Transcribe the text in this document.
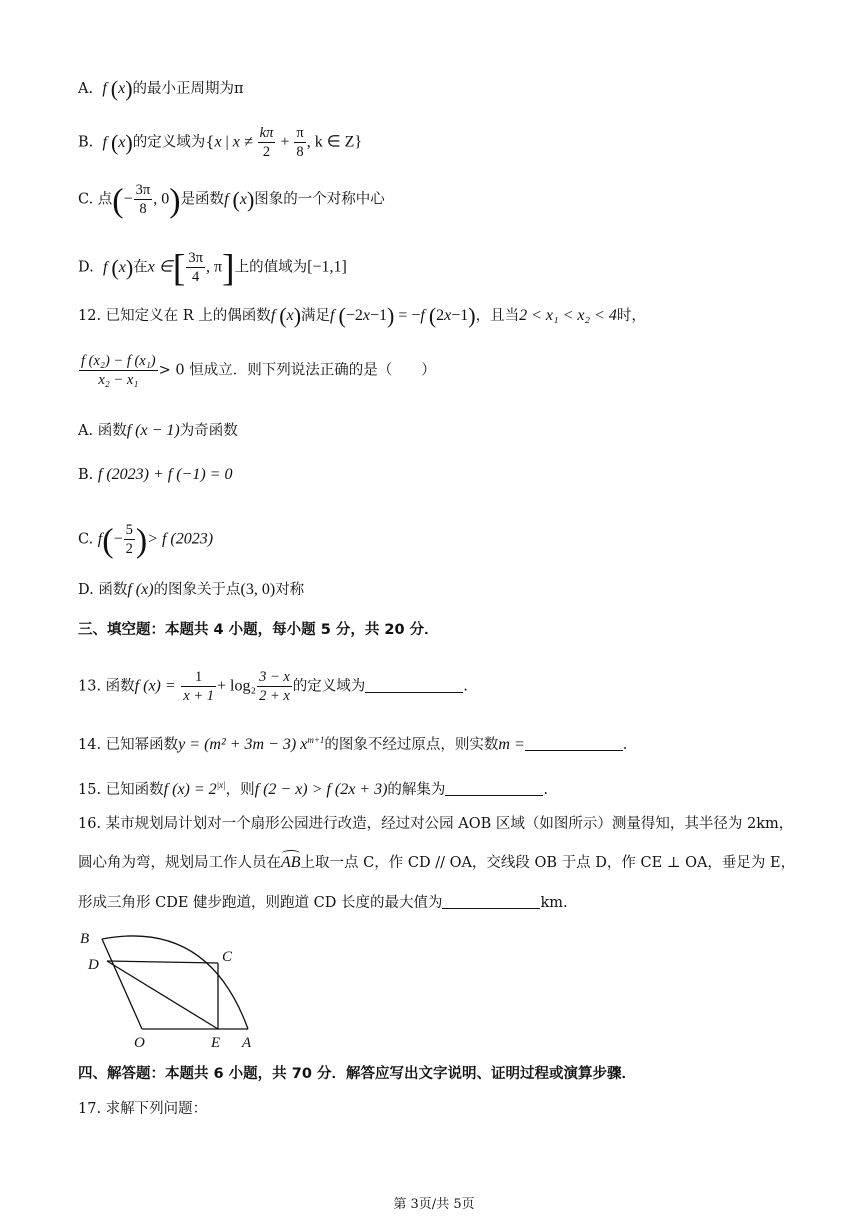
A. f (x)的最小正周期为π
B. f (x)的定义域为{x | $x \ne \frac{k\pi}{2} + \frac{\pi}{8}$ , k ∈ Z}
C. 点(− $\frac{3\pi}{8}$ , 0)是函数f (x)图象的一个对称中心
D. f (x)在x ∈[ $\frac{3\pi}{4}$ , π]上的值域为[−1,1]
12. 已知定义在 R 上的偶函数f (x)满足f (−2x−1) = −f (2x−1)，且当2 < x₁ < x₂ < 4时，
$\frac{\text{f (x₂) − f (x₁)}}{\text{x₂ − x₁}} > 0$ 恒成立．则下列说法正确的是（　　）
A. 函数f (x − 1)为奇函数
B. f (2023) + f (−1) = 0
C. $f(- \frac{5}{2}$ )> f (2023)
D. 函数f (x)的图象关于点(3, 0)对称
三、填空题：本题共 4 小题，每小题 5 分，共 20 分．
13. 函数f $(x) = \frac{1}{x + 1} + \log_2 \frac{3 - x}{2 + x}$ 的定义域为	.
14. 已知幂函数y = (m² + 3m − 3) $x^{m+1}$的图象不经过原点，则实数m =	.
15. 已知函数f $(x) = 2^{|x|}$，则f (2 − x) > f (2x + 3)的解集为	.
16. 某市规划局计划对一个扇形公园进行改造，经过对公园 AOB 区域（如图所示）测量得知，其半径为 2km，
圆心角为弯，规划局工作人员在AB上取一点 C，作 CD // OA，交线段 OB 于点 D，作 CE ⊥ OA，垂足为 E，
形成三角形 CDE 健步跑道，则跑道 CD 长度的最大值为	km.
B
D	C
O	E A
四、解答题：本题共 6 小题，共 70 分．解答应写出文字说明、证明过程或演算步骤．
17. 求解下列问题：
第 3页/共 5页
